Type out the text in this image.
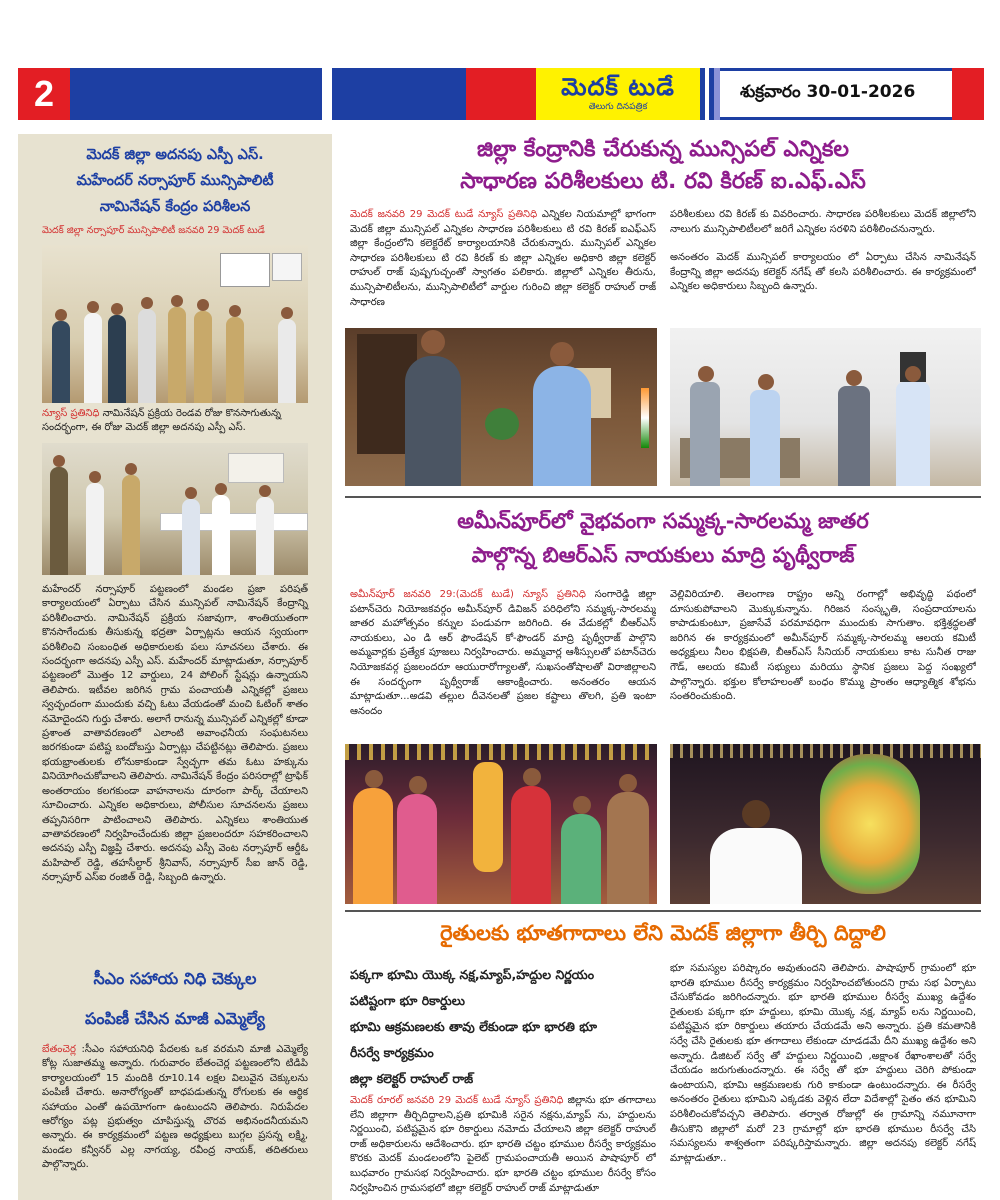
2	మెదక్ టుడే
తెలుగు దినపత్రిక
శుక్రవారం 30-01-2026
మెదక్ జిల్లా అదనపు ఎస్పీ ఎస్.
మహేందర్ నర్సాపూర్ మున్సిపాలిటీ
నామినేషన్ కేంద్రం పరిశీలన
మెదక్ జిల్లా నర్సాపూర్ మున్సిపాలిటీ జనవరి 29 మెదక్ టుడే
న్యూస్ ప్రతినిధి నామినేషన్ ప్రక్రియ రెండవ రోజు కొనసాగుతున్న సందర్భంగా, ఈ రోజు మెదక్ జిల్లా అదనపు ఎస్పీ ఎస్.
మహేందర్ నర్సాపూర్ పట్టణంలో మండల ప్రజా పరిషత్ కార్యాలయంలో ఏర్పాటు చేసిన మున్సిపల్ నామినేషన్ కేంద్రాన్ని పరిశీలించారు. నామినేషన్ ప్రక్రియ సజావుగా, శాంతియుతంగా కొనసాగేందుకు తీసుకున్న భద్రతా ఏర్పాట్లను ఆయన స్వయంగా పరిశీలించి సంబంధిత అధికారులకు పలు సూచనలు చేశారు. ఈ సందర్భంగా అదనపు ఎస్పీ ఎస్. మహేందర్ మాట్లాడుతూ, నర్సాపూర్ పట్టణంలో మొత్తం 12 వార్డులు, 24 పోలింగ్ స్టేషన్లు ఉన్నాయని తెలిపారు. ఇటీవల జరిగిన గ్రామ పంచాయతీ ఎన్నికల్లో ప్రజలు స్వచ్ఛందంగా ముందుకు వచ్చి ఓటు వేయడంతో మంచి ఓటింగ్ శాతం నమోదైందని గుర్తు చేశారు. అలాగే రానున్న మున్సిపల్ ఎన్నికల్లో కూడా ప్రశాంత వాతావరణంలో ఎలాంటి అవాంఛనీయ సంఘటనలు జరగకుండా పటిష్ట బందోబస్తు ఏర్పాట్లు చేపట్టినట్లు తెలిపారు. ప్రజలు భయభ్రాంతులకు లోనుకాకుండా స్వేచ్ఛగా తమ ఓటు హక్కును వినియోగించుకోవాలని తెలిపారు. నామినేషన్ కేంద్రం పరిసరాల్లో ట్రాఫిక్ అంతరాయం కలగకుండా వాహనాలను దూరంగా పార్క్ చేయాలని సూచించారు. ఎన్నికల అధికారులు, పోలీసుల సూచనలను ప్రజలు తప్పనిసరిగా పాటించాలని తెలిపారు. ఎన్నికలు శాంతియుత వాతావరణంలో నిర్వహించేందుకు జిల్లా ప్రజలందరూ సహకరించాలని అదనపు ఎస్పీ విజ్ఞప్తి చేశారు. అదనపు ఎస్పీ వెంట నర్సాపూర్ ఆర్డీఓ మహిపాల్ రెడ్డి, తహసీల్దార్ శ్రీనివాస్, నర్సాపూర్ సీఐ జాన్ రెడ్డి, నర్సాపూర్ ఎస్ఐ రంజిత్ రెడ్డి, సిబ్బంది ఉన్నారు.
సీఎం సహాయ నిధి చెక్కుల
పంపిణీ చేసిన మాజీ ఎమ్మెల్యే
బేతంచెర్ల :సీఎం సహాయనిధి పేదలకు ఒక వరమని మాజీ ఎమ్మెల్యే కోట్ల సుజాతమ్మ అన్నారు. గురువారం బేతంచెర్ల పట్టణంలోని టిడిపి కార్యాలయంలో 15 మందికి రూ10.14 లక్షల విలువైన చెక్కులను పంపిణీ చేశారు. అనారోగ్యంతో బాధపడుతున్న రోగులకు ఈ ఆర్థిక సహాయం ఎంతో ఉపయోగంగా ఉంటుందని తెలిపారు. నిరుపేదల ఆరోగ్యం పట్ల ప్రభుత్వం చూపిస్తున్న చొరవ అభినందనీయమని అన్నారు. ఈ కార్యక్రమంలో పట్టణ అధ్యక్షులు బుగ్గల ప్రసన్న లక్ష్మి, మండల కన్వీనర్ ఎల్ల నాగయ్య, రవీంద్ర నాయక్, తదితరులు పాల్గొన్నారు.
జిల్లా కేంద్రానికి చేరుకున్న మున్సిపల్ ఎన్నికల
సాధారణ పరిశీలకులు టి. రవి కిరణ్ ఐ.ఎఫ్.ఎస్
మెదక్ జనవరి 29 మెదక్ టుడే న్యూస్ ప్రతినిధి ఎన్నికల నియమాల్లో భాగంగా మెదక్ జిల్లా మున్సిపల్ ఎన్నికల సాధారణ పరిశీలకులు టి రవి కిరణ్ ఐఎఫ్ఎస్ జిల్లా కేంద్రంలోని కలెక్టరేట్ కార్యాలయానికి చేరుకున్నారు. మున్సిపల్ ఎన్నికల సాధారణ పరిశీలకులు టి రవి కిరణ్ కు జిల్లా ఎన్నికల అధికారి జిల్లా కలెక్టర్ రాహుల్ రాజ్ పుష్పగుచ్ఛంతో స్వాగతం పలికారు. జిల్లాలో ఎన్నికల తీరును, మున్సిపాలిటీలను, మున్సిపాలిటీలో వార్డుల గురించి జిల్లా కలెక్టర్ రాహుల్ రాజ్ సాధారణ
పరిశీలకులు రవి కిరణ్ కు వివరించారు. సాధారణ పరిశీలకులు మెదక్ జిల్లాలోని నాలుగు మున్సిపాలిటీలలో జరిగే ఎన్నికల సరళిని పరిశీలించనున్నారు.
అనంతరం మెదక్ మున్సిపల్ కార్యాలయం లో ఏర్పాటు చేసిన నామినేషన్ కేంద్రాన్ని జిల్లా అదనపు కలెక్టర్ నగేష్ తో కలసి పరిశీలించారు. ఈ కార్యక్రమంలో ఎన్నికల అధికారులు సిబ్బంది ఉన్నారు.
అమీన్‌పూర్‌లో వైభవంగా సమ్మక్క-సారలమ్మ జాతర
పాల్గొన్న బిఆర్ఎస్ నాయకులు మాద్రి పృథ్వీరాజ్
అమీన్‌పూర్ జనవరి 29:(మెదక్ టుడే) న్యూస్ ప్రతినిధి సంగారెడ్డి జిల్లా పటాన్‌చెరు నియోజకవర్గం అమీన్‌పూర్ డివిజన్ పరిధిలోని సమ్మక్క-సారలమ్మ జాతర మహోత్సవం కన్నుల పండువగా జరిగింది. ఈ వేడుకల్లో బీఆర్ఎస్ నాయకులు, ఎం డి ఆర్ ఫౌండేషన్ కో-ఫౌండర్ మాద్రి పృథ్వీరాజ్ పాల్గొని అమ్మవార్లకు ప్రత్యేక పూజలు నిర్వహించారు. అమ్మవార్ల ఆశీస్సులతో పటాన్‌చెరు నియోజకవర్గ ప్రజలందరూ ఆయురారోగ్యాలతో, సుఖసంతోషాలతో విరాజిల్లాలని ఈ సందర్భంగా పృథ్వీరాజ్ ఆకాంక్షించారు. అనంతరం ఆయన మాట్లాడుతూ...అడవి తల్లుల దీవెనలతో ప్రజల కష్టాలు తొలగి, ప్రతి ఇంటా ఆనందం
వెల్లివిరియాలి. తెలంగాణ రాష్ట్రం అన్ని రంగాల్లో అభివృద్ధి పథంలో దూసుకుపోవాలని మొక్కుకున్నాను. గిరిజన సంస్కృతి, సంప్రదాయాలను కాపాడుకుంటూ, ప్రజాసేవే పరమావధిగా ముందుకు సాగుతాం. భక్తిశ్రద్ధలతో జరిగిన ఈ కార్యక్రమంలో అమీన్‌పూర్ సమ్మక్క-సారలమ్మ ఆలయ కమిటీ అధ్యక్షులు నీలం భిక్షపతి, బీఆర్ఎస్ సీనియర్ నాయకులు కాట సునీత రాజు గౌడ్, ఆలయ కమిటీ సభ్యులు మరియు స్థానిక ప్రజలు పెద్ద సంఖ్యలో పాల్గొన్నారు. భక్తుల కోలాహలంతో బంధం కొమ్ము ప్రాంతం ఆధ్యాత్మిక శోభను సంతరించుకుంది.
రైతులకు భూతగాదాలు లేని మెదక్ జిల్లాగా తీర్చి దిద్దాలి
పక్కగా భూమి యొక్క నక్ష,మ్యాప్,హద్దుల నిర్ణయం
పటిష్టంగా భూ రికార్డులు
భూమి ఆక్రమణలకు తావు లేకుండా భూ భారతి భూ
రీసర్వే కార్యక్రమం
జిల్లా కలెక్టర్ రాహుల్ రాజ్
మెదక్ రూరల్ జనవరి 29 మెదక్ టుడే న్యూస్ ప్రతినిధి జిల్లాను భూ తగాదాలు లేని జిల్లాగా తీర్చిదిద్దాలని,ప్రతి భూమికి సరైన నక్షను,మ్యాప్ ను, హద్దులను నిర్ణయించి, పటిష్టమైన భూ రికార్డులు నమోదు చేయాలని జిల్లా కలెక్టర్ రాహుల్ రాజ్ అధికారులను ఆదేశించారు. భూ భారతి చట్టం భూముల రీసర్వే కార్యక్రమం కొరకు మెదక్ మండలంలోని పైలెట్ గ్రామపంచాయతీ అయిన పాషాపూర్ లో బుధవారం గ్రామసభ నిర్వహించారు. భూ భారతి చట్టం భూముల రీసర్వే కోసం నిర్వహించిన గ్రామసభలో జిల్లా కలెక్టర్ రాహుల్ రాజ్ మాట్లాడుతూ
భూ సమస్యల పరిష్కారం అవుతుందని తెలిపారు. పాషాపూర్ గ్రామంలో భూ భారతి భూముల రీసర్వే కార్యక్రమం నిర్వహించబోతుందని గ్రామ సభ ఏర్పాటు చేసుకోవడం జరిగిందన్నారు. భూ భారతి భూముల రీసర్వే ముఖ్య ఉద్దేశం రైతులకు పక్కగా భూ హద్దులు, భూమి యొక్క నక్ష, మ్యాప్ లను నిర్ణయించి, పటిష్టమైన భూ రికార్డులు తయారు చేయడమే అని అన్నారు. ప్రతి కమతానికి సర్వే చేసి రైతులకు భూ తగాదాలు లేకుండా చూడడమే దీని ముఖ్య ఉద్దేశం అని అన్నారు. డిజిటల్ సర్వే తో హద్దులు నిర్ణయించి ,అక్షాంశ రేఖాంశాలతో సర్వే చేయడం జరుగుతుందన్నారు. ఈ సర్వే తో భూ హద్దులు చెరిగి పోకుండా ఉంటాయని, భూమి ఆక్రమణలకు గురి కాకుండా ఉంటుందన్నారు. ఈ రీసర్వే అనంతరం రైతులు భూమిని ఎక్కడకు వెళ్లిన లేదా విదేశాల్లో సైతం తన భూమిని పరిశీలించుకోవచ్చని తెలిపారు. తర్వాత రోజుల్లో ఈ గ్రామాన్ని నమూనాగా తీసుకొని జిల్లాలో మరో 23 గ్రామాల్లో భూ భారతి భూముల రీసర్వే చేసి సమస్యలను శాశ్వతంగా పరిష్కరిస్తామన్నారు. జిల్లా అదనపు కలెక్టర్ నగేష్ మాట్లాడుతూ..
